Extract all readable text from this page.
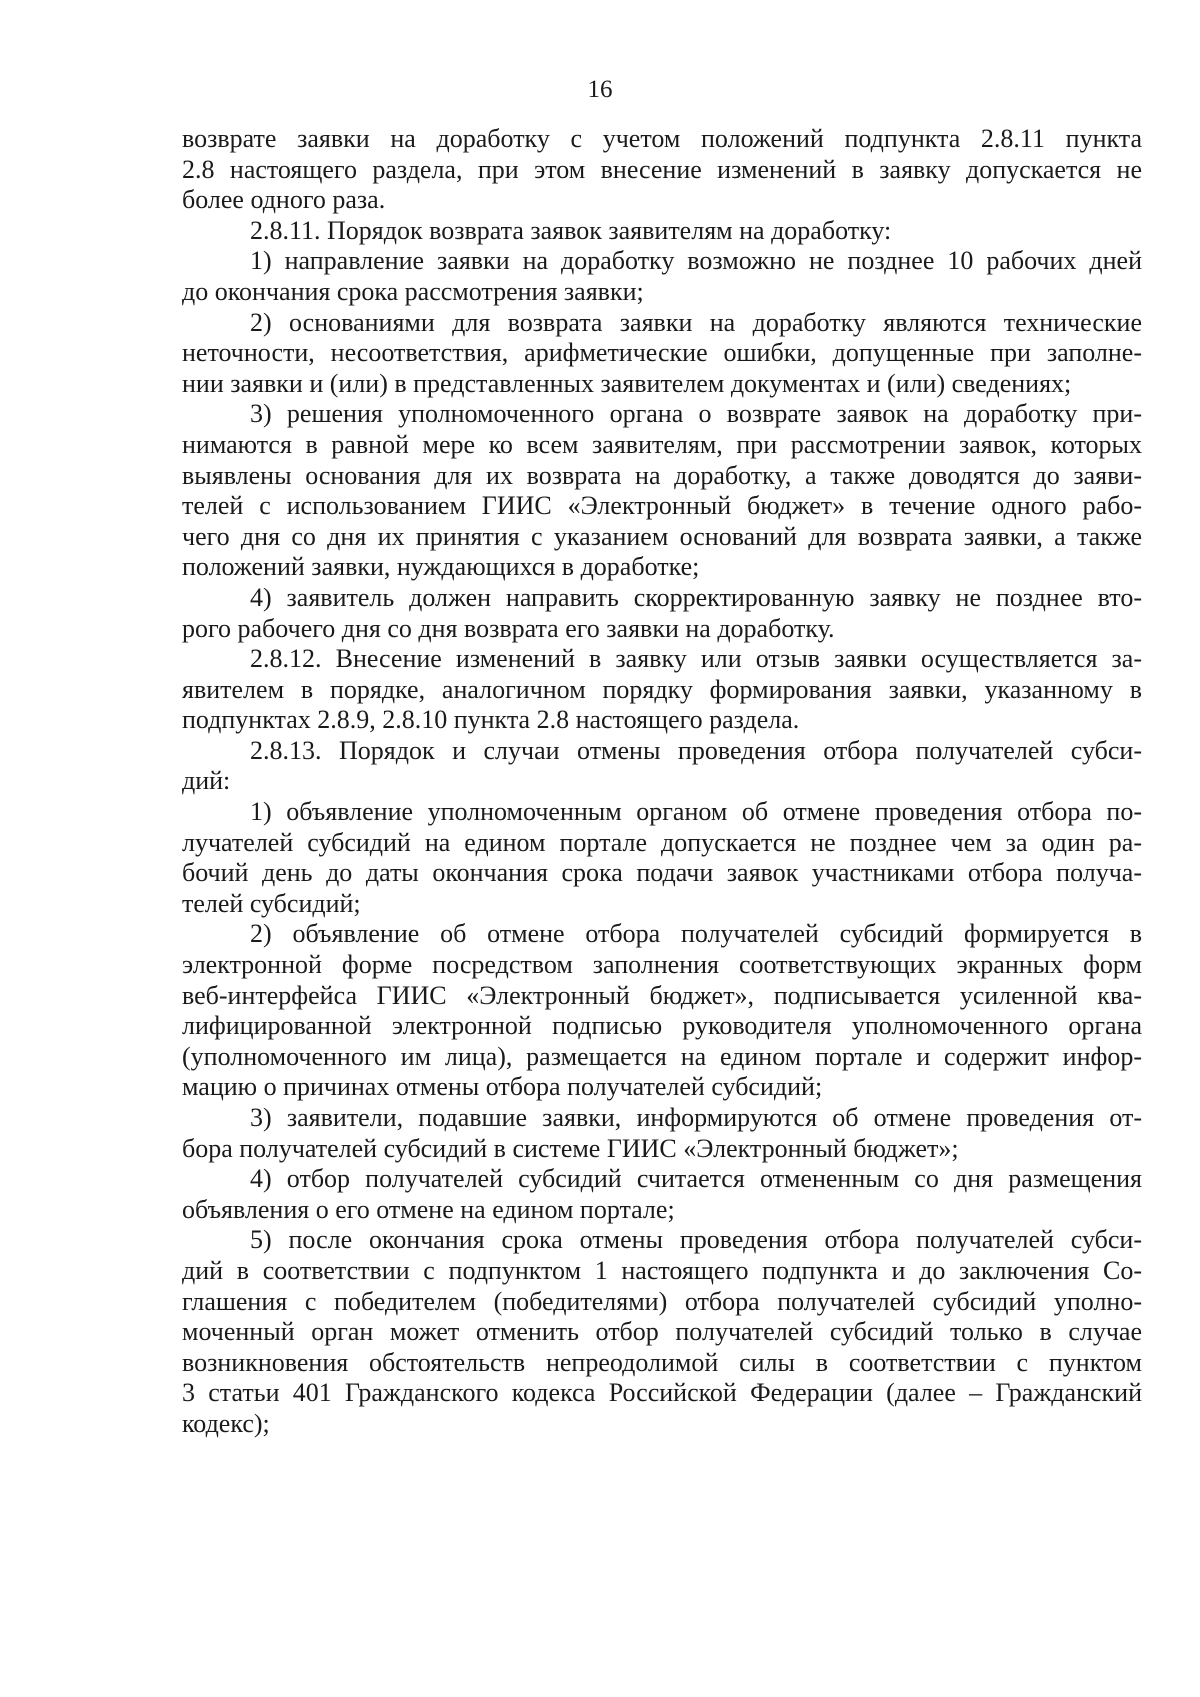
16
возврате заявки на доработку с учетом положений подпункта 2.8.11 пункта
2.8 настоящего раздела, при этом внесение изменений в заявку допускается не
более одного раза.
2.8.11. Порядок возврата заявок заявителям на доработку:
1) направление заявки на доработку возможно не позднее 10 рабочих дней
до окончания срока рассмотрения заявки;
2) основаниями для возврата заявки на доработку являются технические
неточности, несоответствия, арифметические ошибки, допущенные при заполне-
нии заявки и (или) в представленных заявителем документах и (или) сведениях;
3) решения уполномоченного органа о возврате заявок на доработку при-
нимаются в равной мере ко всем заявителям, при рассмотрении заявок, которых
выявлены основания для их возврата на доработку, а также доводятся до заяви-
телей с использованием ГИИС «Электронный бюджет» в течение одного рабо-
чего дня со дня их принятия с указанием оснований для возврата заявки, а также
положений заявки, нуждающихся в доработке;
4) заявитель должен направить скорректированную заявку не позднее вто-
рого рабочего дня со дня возврата его заявки на доработку.
2.8.12. Внесение изменений в заявку или отзыв заявки осуществляется за-
явителем в порядке, аналогичном порядку формирования заявки, указанному в
подпунктах 2.8.9, 2.8.10 пункта 2.8 настоящего раздела.
2.8.13. Порядок и случаи отмены проведения отбора получателей субси-
дий:
1) объявление уполномоченным органом об отмене проведения отбора по-
лучателей субсидий на едином портале допускается не позднее чем за один ра-
бочий день до даты окончания срока подачи заявок участниками отбора получа-
телей субсидий;
2) объявление об отмене отбора получателей субсидий формируется в
электронной форме посредством заполнения соответствующих экранных форм
веб-интерфейса ГИИС «Электронный бюджет», подписывается усиленной ква-
лифицированной электронной подписью руководителя уполномоченного органа
(уполномоченного им лица), размещается на едином портале и содержит инфор-
мацию о причинах отмены отбора получателей субсидий;
3) заявители, подавшие заявки, информируются об отмене проведения от-
бора получателей субсидий в системе ГИИС «Электронный бюджет»;
4) отбор получателей субсидий считается отмененным со дня размещения
объявления о его отмене на едином портале;
5) после окончания срока отмены проведения отбора получателей субси-
дий в соответствии с подпунктом 1 настоящего подпункта и до заключения Со-
глашения с победителем (победителями) отбора получателей субсидий уполно-
моченный орган может отменить отбор получателей субсидий только в случае
возникновения обстоятельств непреодолимой силы в соответствии с пунктом
3 статьи 401 Гражданского кодекса Российской Федерации (далее – Гражданский
кодекс);
